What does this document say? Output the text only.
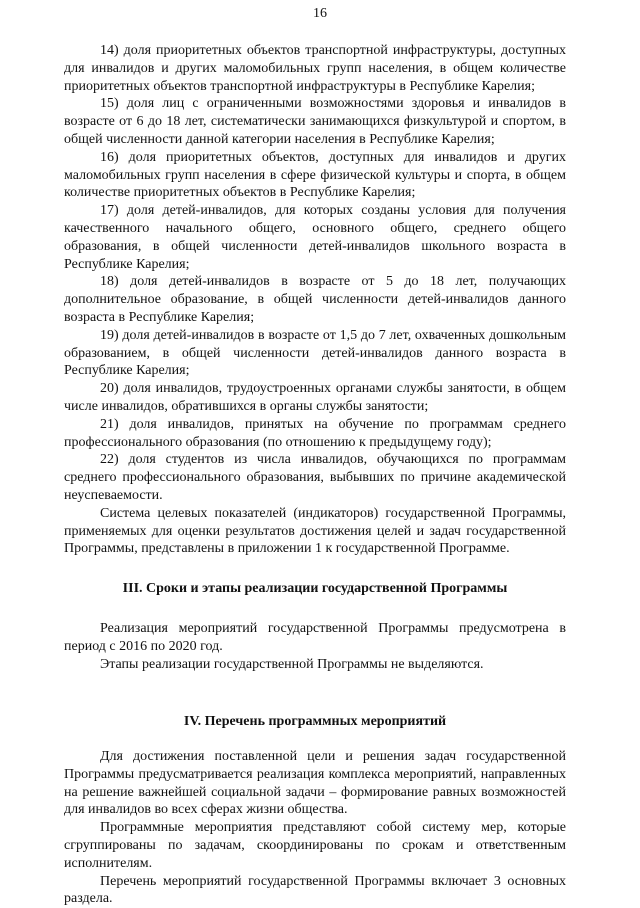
16

14) доля приоритетных объектов транспортной инфраструктуры, доступных для инвалидов и других маломобильных групп населения, в общем количестве приоритетных объектов транспортной инфраструктуры в Республике Карелия;

15) доля лиц с ограниченными возможностями здоровья и инвалидов в возрасте от 6 до 18 лет, систематически занимающихся физкультурой и спортом, в общей численности данной категории населения в Республике Карелия;

16) доля приоритетных объектов, доступных для инвалидов и других маломобильных групп населения в сфере физической культуры и спорта, в общем количестве приоритетных объектов в Республике Карелия;

17) доля детей-инвалидов, для которых созданы условия для получения качественного начального общего, основного общего, среднего общего образования, в общей численности детей-инвалидов школьного возраста в Республике Карелия;

18) доля детей-инвалидов в возрасте от 5 до 18 лет, получающих дополнительное образование, в общей численности детей-инвалидов данного возраста в Республике Карелия;

19) доля детей-инвалидов в возрасте от 1,5 до 7 лет, охваченных дошкольным образованием, в общей численности детей-инвалидов данного возраста в Республике Карелия;

20) доля инвалидов, трудоустроенных органами службы занятости, в общем числе инвалидов, обратившихся в органы службы занятости;

21) доля инвалидов, принятых на обучение по программам среднего профессионального образования (по отношению к предыдущему году);

22) доля студентов из числа инвалидов, обучающихся по программам среднего профессионального образования, выбывших по причине академической неуспеваемости.

Система целевых показателей (индикаторов) государственной Программы, применяемых для оценки результатов достижения целей и задач государственной Программы, представлены в приложении 1 к государственной Программе.

III. Сроки и этапы реализации государственной Программы

Реализация мероприятий государственной Программы предусмотрена в период с 2016 по 2020 год.

Этапы реализации государственной Программы не выделяются.

IV. Перечень программных мероприятий

Для достижения поставленной цели и решения задач государственной Программы предусматривается реализация комплекса мероприятий, направленных на решение важнейшей социальной задачи – формирование равных возможностей для инвалидов во всех сферах жизни общества.

Программные мероприятия представляют собой систему мер, которые сгруппированы по задачам, скоординированы по срокам и ответственным исполнителям.

Перечень мероприятий государственной Программы включает 3 основных раздела.
